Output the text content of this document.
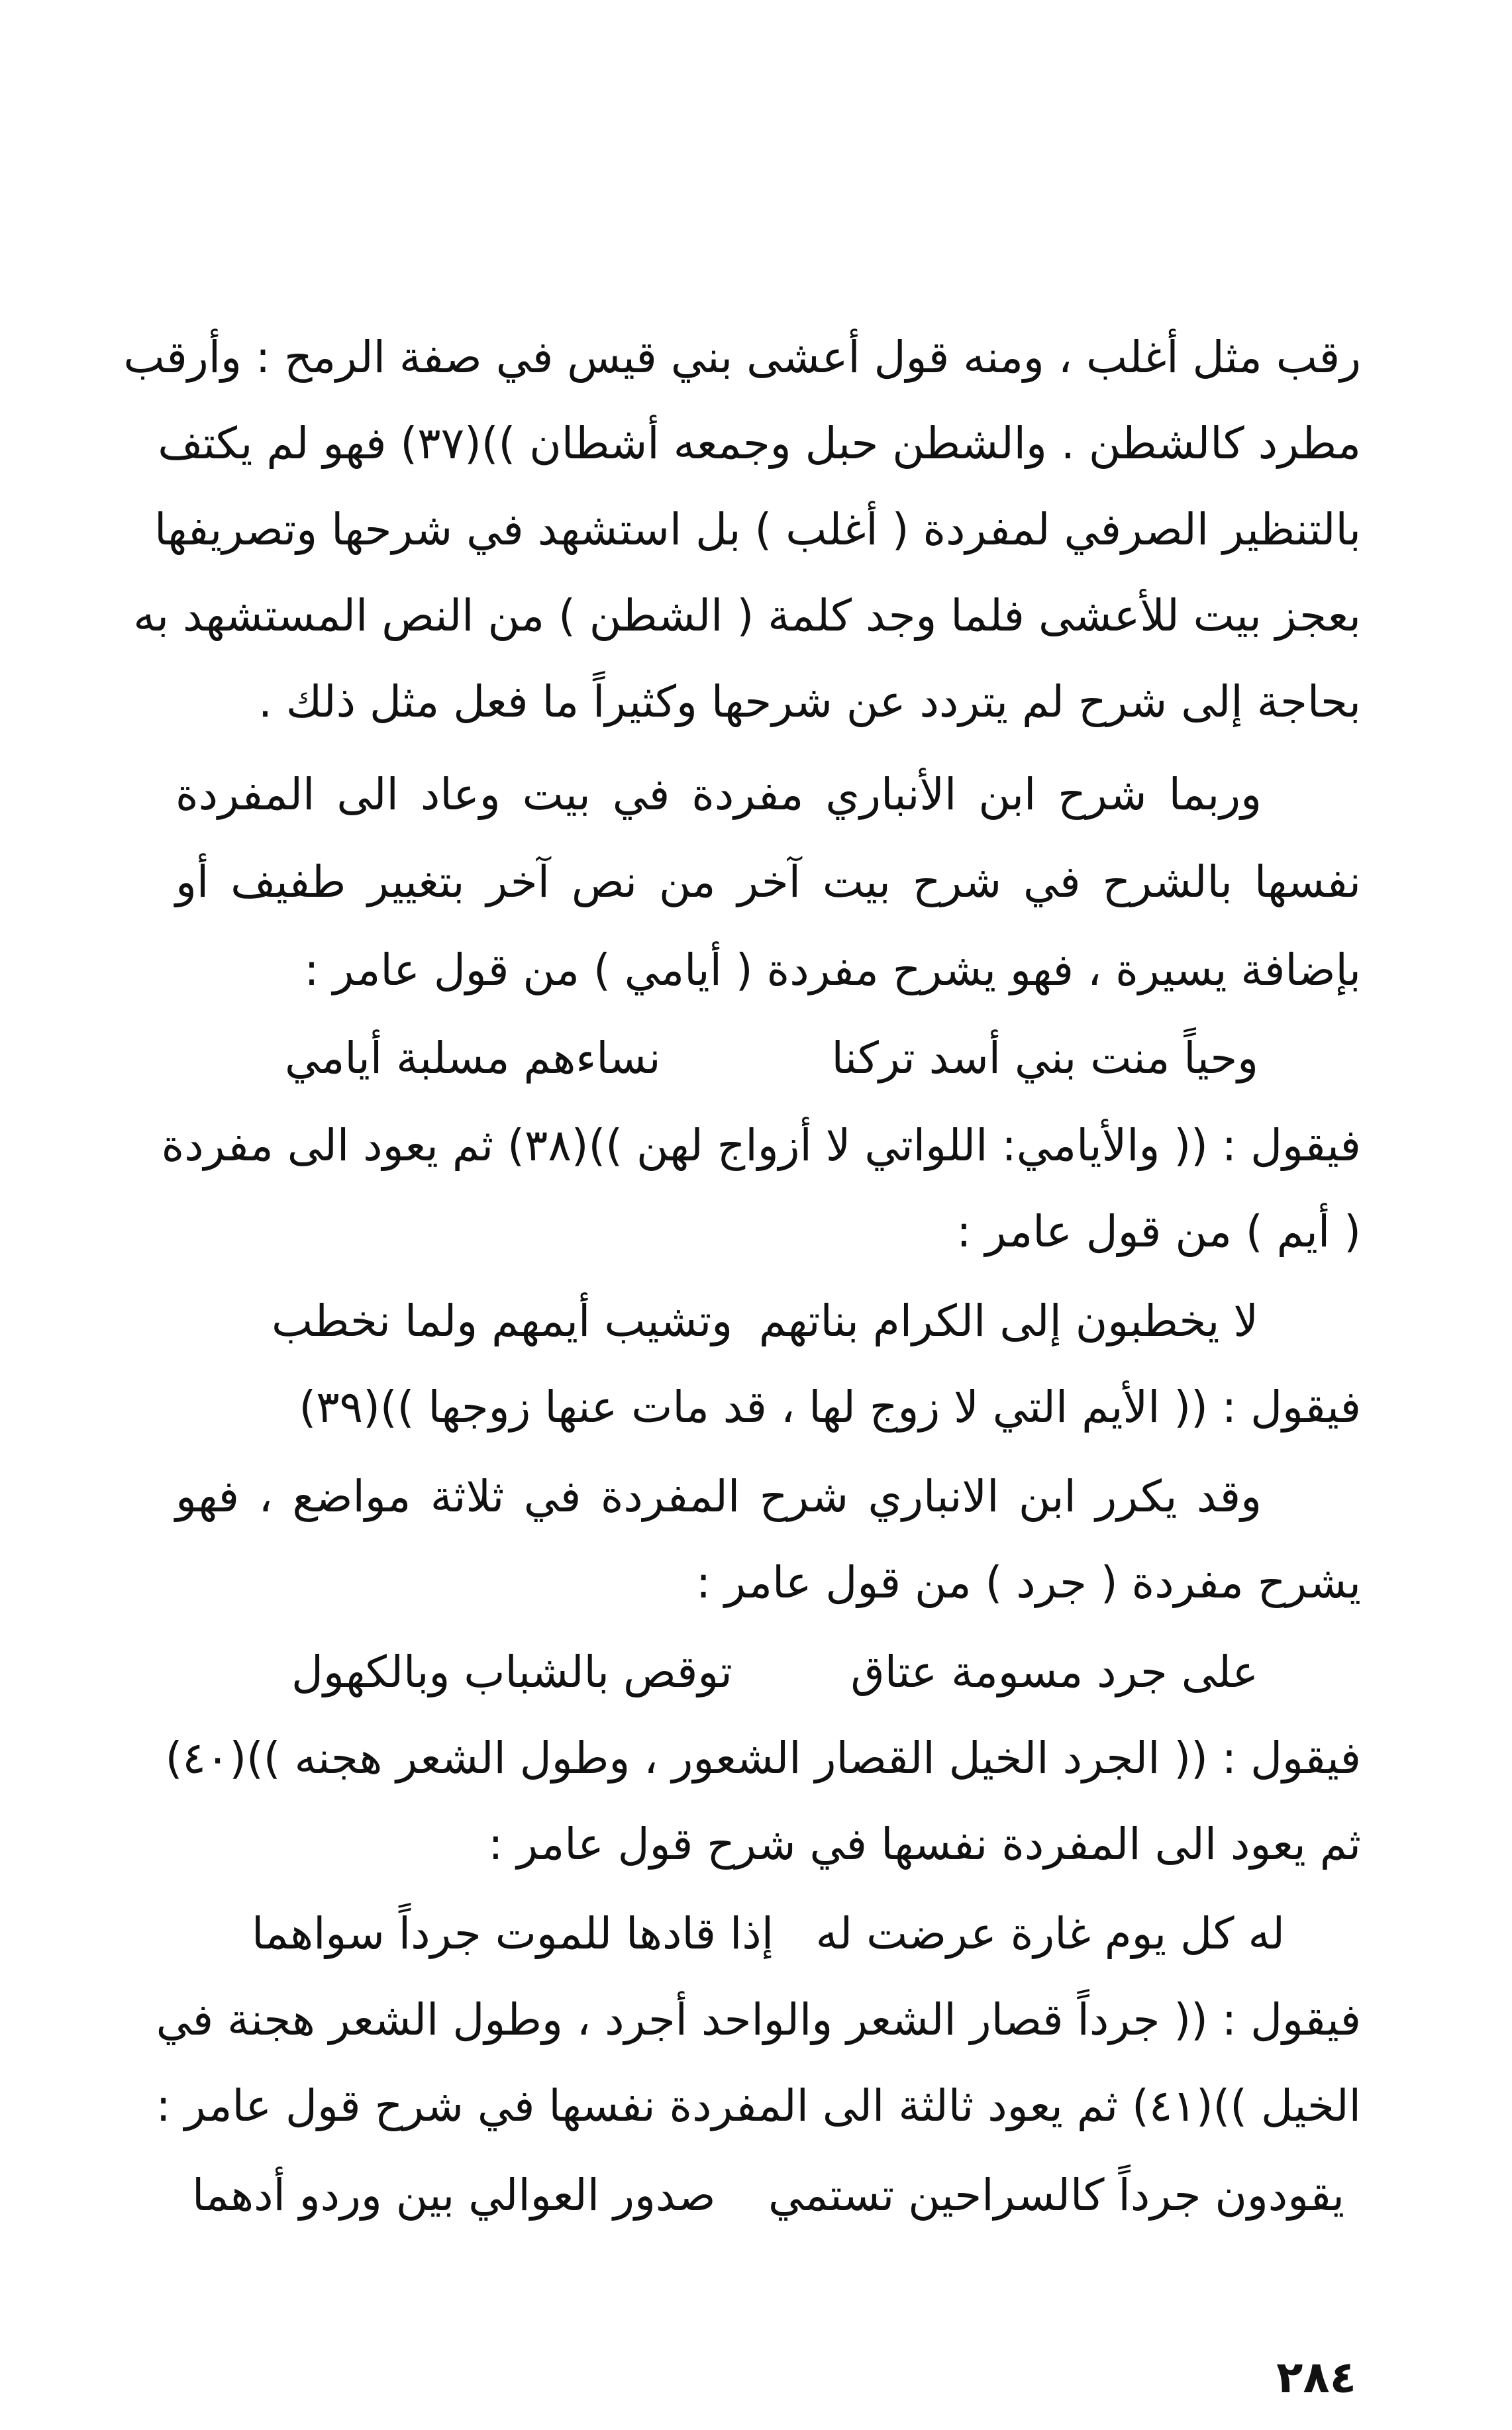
رقب مثل أغلب ، ومنه قول أعشى بني قيس في صفة الرمح : وأرقب
مطرد كالشطن . والشطن حبل وجمعه أشطان ))(٣٧) فهو لم يكتف
بالتنظير الصرفي لمفردة ( أغلب ) بل استشهد في شرحها وتصريفها
بعجز بيت للأعشى فلما وجد كلمة ( الشطن ) من النص المستشهد به
بحاجة إلى شرح لم يتردد عن شرحها وكثيراً ما فعل مثل ذلك .
وربما شرح ابن الأنباري مفردة في بيت وعاد الى المفردة
نفسها بالشرح في شرح بيت آخر من نص آخر بتغيير طفيف أو
بإضافة يسيرة ، فهو يشرح مفردة ( أيامي ) من قول عامر :
وحياً منت بني أسد تركنا
نساءهم مسلبة أيامي
فيقول : (( والأيامي: اللواتي لا أزواج لهن ))(٣٨) ثم يعود الى مفردة
( أيم ) من قول عامر :
لا يخطبون إلى الكرام بناتهم
وتشيب أيمهم ولما نخطب
فيقول : (( الأيم التي لا زوج لها ، قد مات عنها زوجها ))(٣٩)
وقد يكرر ابن الانباري شرح المفردة في ثلاثة مواضع ، فهو
يشرح مفردة ( جرد ) من قول عامر :
على جرد مسومة عتاق
توقص بالشباب وبالكهول
فيقول : (( الجرد الخيل القصار الشعور ، وطول الشعر هجنه ))(٤٠)
ثم يعود الى المفردة نفسها في شرح قول عامر :
له كل يوم غارة عرضت له
إذا قادها للموت جرداً سواهما
فيقول : (( جرداً قصار الشعر والواحد أجرد ، وطول الشعر هجنة في
الخيل ))(٤١) ثم يعود ثالثة الى المفردة نفسها في شرح قول عامر :
يقودون جرداً كالسراحين تستمي
صدور العوالي بين وردو أدهما
٢٨٤
